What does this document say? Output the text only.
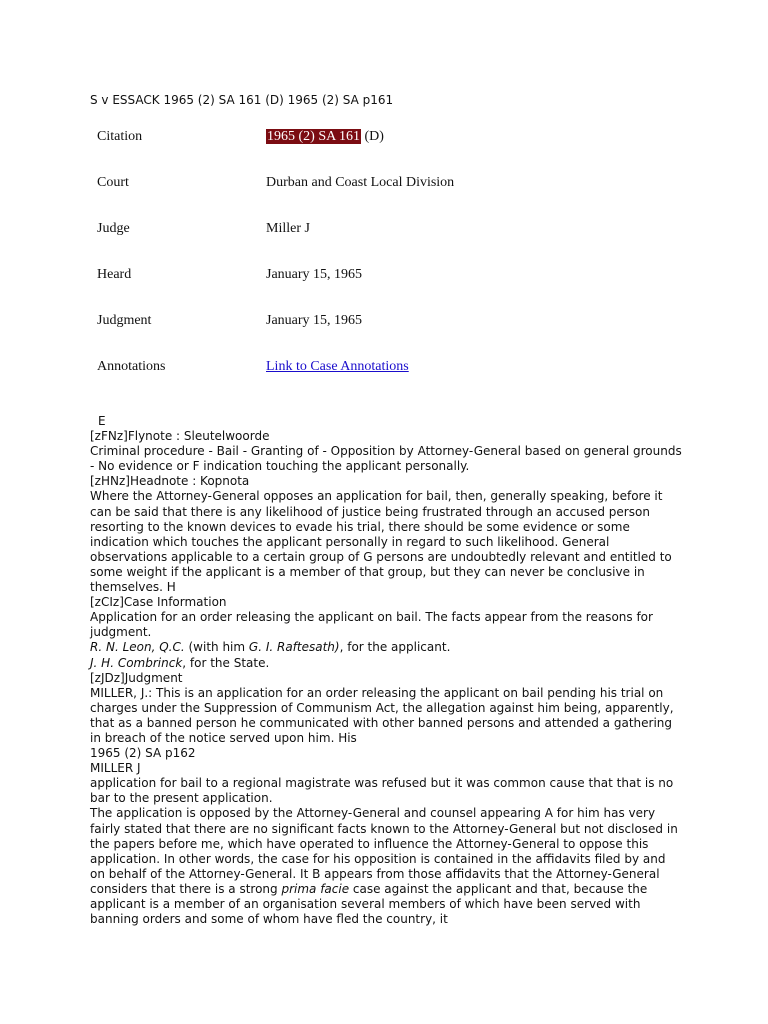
S v ESSACK 1965 (2) SA 161 (D) 1965 (2) SA p161
Citation	1965 (2) SA 161 (D)
Court	Durban and Coast Local Division
Judge	Miller J
Heard	January 15, 1965
Judgment	January 15, 1965
Annotations	Link to Case Annotations

E

[zFNz]Flynote : Sleutelwoorde

Criminal procedure - Bail - Granting of - Opposition by Attorney-General based on general grounds - No evidence or F indication touching the applicant personally.

[zHNz]Headnote : Kopnota

Where the Attorney-General opposes an application for bail, then, generally speaking, before it can be said that there is any likelihood of justice being frustrated through an accused person resorting to the known devices to evade his trial, there should be some evidence or some indication which touches the applicant personally in regard to such likelihood. General observations applicable to a certain group of G persons are undoubtedly relevant and entitled to some weight if the applicant is a member of that group, but they can never be conclusive in themselves. H

[zCIz]Case Information

Application for an order releasing the applicant on bail. The facts appear from the reasons for judgment.

R. N. Leon, Q.C. (with him G. I. Raftesath), for the applicant.

J. H. Combrinck, for the State.

[zJDz]Judgment

MILLER, J.: This is an application for an order releasing the applicant on bail pending his trial on charges under the Suppression of Communism Act, the allegation against him being, apparently, that as a banned person he communicated with other banned persons and attended a gathering in breach of the notice served upon him. His

1965 (2) SA p162

MILLER J

application for bail to a regional magistrate was refused but it was common cause that that is no bar to the present application.

The application is opposed by the Attorney-General and counsel appearing A for him has very fairly stated that there are no significant facts known to the Attorney-General but not disclosed in the papers before me, which have operated to influence the Attorney-General to oppose this application. In other words, the case for his opposition is contained in the affidavits filed by and on behalf of the Attorney-General. It B appears from those affidavits that the Attorney-General considers that there is a strong prima facie case against the applicant and that, because the applicant is a member of an organisation several members of which have been served with banning orders and some of whom have fled the country, it
